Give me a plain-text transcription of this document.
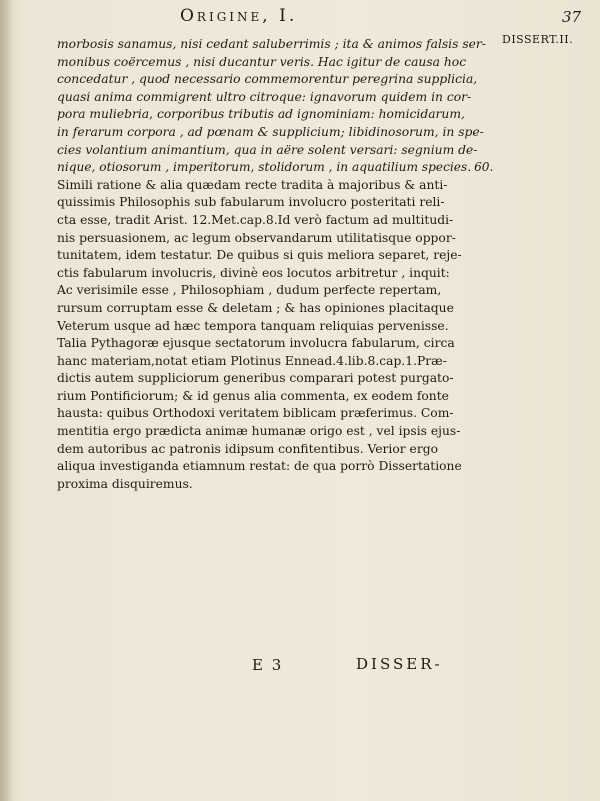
Origine, I.	37
DISSERT.II.
morbosis sanamus, nisi cedant saluberrimis ; ita & animos falsis ser-
monibus coërcemus , nisi ducantur veris. Hac igitur de causa hoc
concedatur , quod necessario commemorentur peregrina supplicia,
quasi anima commigrent ultro citroque: ignavorum quidem in cor-
pora muliebria, corporibus tributis ad ignominiam: homicidarum,
in ferarum corpora , ad pœnam & supplicium; libidinosorum, in spe-
cies volantium animantium, qua in aëre solent versari: segnium de-
nique, otiosorum , imperitorum, stolidorum , in aquatilium species. 60.
Simili ratione & alia quædam recte tradita à majoribus & anti-
quissimis Philosophis sub fabularum involucro posteritati reli-
cta esse, tradit Arist. 12.Met.cap.8.Id verò factum ad multitudi-
nis persuasionem, ac legum observandarum utilitatisque oppor-
tunitatem, idem testatur. De quibus si quis meliora separet, reje-
ctis fabularum involucris, divinè eos locutos arbitretur , inquit:
Ac verisimile esse , Philosophiam , dudum perfecte repertam,
rursum corruptam esse & deletam ; & has opiniones placitaque
Veterum usque ad hæc tempora tanquam reliquias pervenisse.
Talia Pythagoræ ejusque sectatorum involucra fabularum, circa
hanc materiam,notat etiam Plotinus Ennead.4.lib.8.cap.1.Præ-
dictis autem suppliciorum generibus comparari potest purgato-
rium Pontificiorum; & id genus alia commenta, ex eodem fonte
hausta: quibus Orthodoxi veritatem biblicam præferimus. Com-
mentitia ergo prædicta animæ humanæ origo est , vel ipsis ejus-
dem autoribus ac patronis idipsum confitentibus. Verior ergo
aliqua investiganda etiamnum restat: de qua porrò Dissertatione
proxima disquiremus.
E 3	DISSER-
